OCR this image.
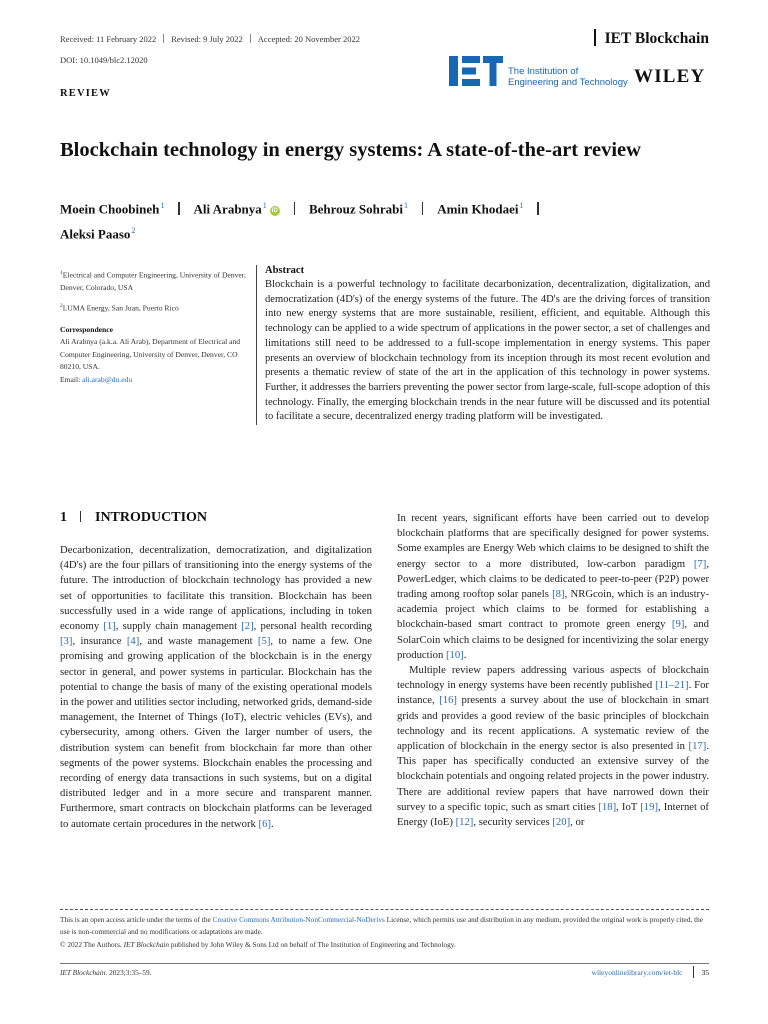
Received: 11 February 2022 Revised: 9 July 2022 Accepted: 20 November 2022
DOI: 10.1049/blc2.12020
IET Blockchain
The Institution of
Engineering and Technology WILEY
REVIEW
Blockchain technology in energy systems: A state-of-the-art review
Moein Choobineh$^1$ Ali Arabnya$^1$iD Behrouz Sohrabi$^1$ Amin Khodaei$^1$
Aleksi Paaso$^2$

$^1$Electrical and Computer Engineering, University of Denver, Denver, Colorado, USA

$^2$LUMA Energy, San Juan, Puerto Rico

Correspondence

Ali Arabnya (a.k.a. Ali Arab), Department of Electrical and Computer Engineering, University of Denver, Denver, CO 80210, USA.
Email: ali.arab@du.edu

Abstract

Blockchain is a powerful technology to facilitate decarbonization, decentralization, digitalization, and democratization (4D's) of the energy systems of the future. The 4D's are the driving forces of transition into new energy systems that are more sustainable, resilient, efficient, and equitable. Although this technology can be applied to a wide spectrum of applications in the power sector, a set of challenges and limitations still need to be addressed to a full-scope implementation in energy systems. This paper presents an overview of blockchain technology from its inception through its most recent evolution and presents a thematic review of state of the art in the application of this technology in power systems. Further, it addresses the barriers preventing the power sector from large-scale, full-scope adoption of this technology. Finally, the emerging blockchain trends in the near future will be discussed and its potential to facilitate a secure, decentralized energy trading platform will be investigated.

1 INTRODUCTION

Decarbonization, decentralization, democratization, and digitalization (4D's) are the four pillars of transitioning into the energy systems of the future. The introduction of blockchain technology has provided a new set of opportunities to facilitate this transition. Blockchain has been successfully used in a wide range of applications, including in token economy [1], supply chain management [2], personal health recording [3], insurance [4], and waste management [5], to name a few. One promising and growing application of the blockchain is in the energy sector in general, and power systems in particular. Blockchain has the potential to change the basis of many of the existing operational models in the power and utilities sector including, networked grids, demand-side management, the Internet of Things (IoT), electric vehicles (EVs), and cybersecurity, among others. Given the larger number of users, the distribution system can benefit from blockchain far more than other segments of the power systems. Blockchain enables the processing and recording of energy data transactions in such systems, but on a digital distributed ledger and in a more secure and transparent manner. Furthermore, smart contracts on blockchain platforms can be leveraged to automate certain procedures in the network [6].

In recent years, significant efforts have been carried out to develop blockchain platforms that are specifically designed for power systems. Some examples are Energy Web which claims to be designed to shift the energy sector to a more distributed, low-carbon paradigm [7], PowerLedger, which claims to be dedicated to peer-to-peer (P2P) power trading among rooftop solar panels [8], NRGcoin, which is an industry-academia project which claims to be formed for establishing a blockchain-based smart contract to promote green energy [9], and SolarCoin which claims to be designed for incentivizing the solar energy production [10].

Multiple review papers addressing various aspects of blockchain technology in energy systems have been recently published [11–21]. For instance, [16] presents a survey about the use of blockchain in smart grids and provides a good review of the basic principles of blockchain technology and its recent applications. A systematic review of the application of blockchain in the energy sector is also presented in [17]. This paper has specifically conducted an extensive survey of the blockchain potentials and ongoing related projects in the power industry. There are additional review papers that have narrowed down their survey to a specific topic, such as smart cities [18], IoT [19], Internet of Energy (IoE) [12], security services [20], or

This is an open access article under the terms of the Creative Commons Attribution-NonCommercial-NoDerivs License, which permits use and distribution in any medium, provided the original work is properly cited, the use is non-commercial and no modifications or adaptations are made.
© 2022 The Authors. IET Blockchain published by John Wiley & Sons Ltd on behalf of The Institution of Engineering and Technology.
IET Blockchain. 2023;3:35–59.	wileyonlinelibrary.com/iet-blc	35
